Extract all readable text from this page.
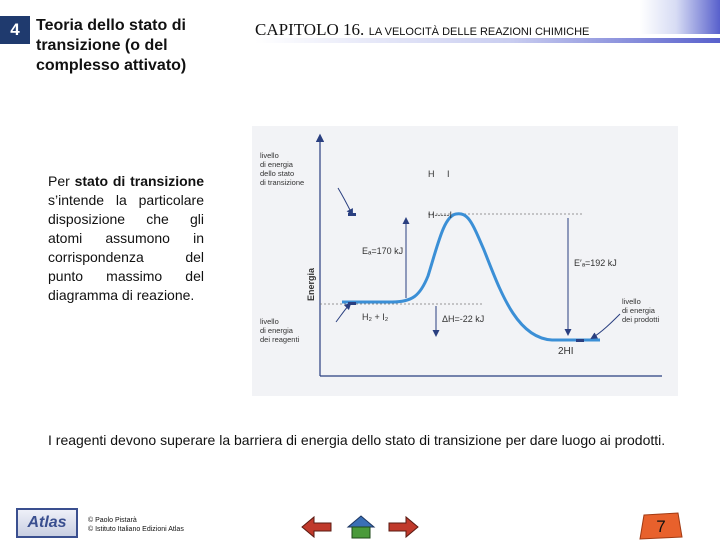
4	Teoria dello stato di transizione (o del complesso attivato)
CAPITOLO 16. LA VELOCITÀ DELLE REAZIONI CHIMICHE
Per stato di transizione s’intende la particolare disposizione che gli atomi assumono in corrispondenza del punto massimo del diagramma di reazione.	Energia
livello
di energia
dello stato
di transizione
livello
di energia
dei reagenti
livello
di energia
dei prodotti
H     I
H-----I
Eₐ=170 kJ
E′ₐ=192 kJ
ΔH=-22 kJ
H₂ + I₂
2HI
I reagenti devono superare la barriera di energia dello stato di transizione per dare luogo ai prodotti.
Atlas	© Paolo Pistarà
© Istituto Italiano Edizioni Atlas	7
